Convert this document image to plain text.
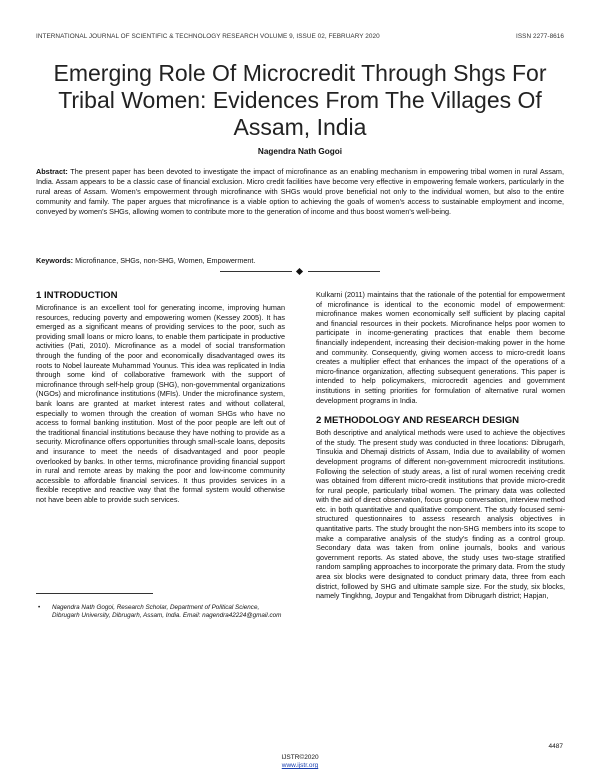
INTERNATIONAL JOURNAL OF SCIENTIFIC & TECHNOLOGY RESEARCH VOLUME 9, ISSUE 02, FEBRUARY 2020	ISSN 2277-8616
Emerging Role Of Microcredit Through Shgs For Tribal Women: Evidences From The Villages Of Assam, India
Nagendra Nath Gogoi
Abstract: The present paper has been devoted to investigate the impact of microfinance as an enabling mechanism in empowering tribal women in rural Assam, India. Assam appears to be a classic case of financial exclusion. Micro credit facilities have become very effective in empowering female workers, particularly in the rural areas of Assam. Women's empowerment through microfinance with SHGs would prove beneficial not only to the individual women, but also to the entire community and family. The paper argues that microfinance is a viable option to achieving the goals of women's access to sustainable employment and income, conveyed by women's SHGs, allowing women to contribute more to the generation of income and thus boost women's well-being.
Keywords: Microfinance, SHGs, non-SHG, Women, Empowerment.
1 INTRODUCTION

Microfinance is an excellent tool for generating income, improving human resources, reducing poverty and empowering women (Kessey 2005). It has emerged as a significant means of providing services to the poor, such as providing small loans or micro loans, to enable them participate in productive activities (Pati, 2010). Microfinance as a model of social transformation through the funding of the poor and economically disadvantaged owes its roots to Nobel laureate Muhammad Younus. This idea was replicated in India through some kind of collaborative framework with the support of microfinance through self-help group (SHG), non-governmental organizations (NGOs) and microfinance institutions (MFIs). Under the microfinance system, bank loans are granted at market interest rates and without collateral, especially to women through the creation of woman SHGs who have no access to formal banking institution. Most of the poor people are left out of the traditional financial institutions because they have nothing to provide as a security. Microfinance offers opportunities through small-scale loans, deposits and insurance to meet the needs of disadvantaged and poor people overlooked by banks. In other terms, microfinance providing financial support in rural and remote areas by making the poor and low-income community accessible to affordable financial services. It thus provides services in a flexible receptive and reactive way that the formal system would otherwise not have been able to provide such services.

Kulkarni (2011) maintains that the rationale of the potential for empowerment of microfinance is identical to the economic model of empowerment: microfinance makes women economically self sufficient by placing capital and financial resources in their pockets. Microfinance helps poor women to participate in income-generating practices that enable them become financially independent, increasing their decision-making power in the home and community. Consequently, giving women access to micro-credit loans creates a multiplier effect that enhances the impact of the operations of a micro-finance organization, affecting subsequent generations. This paper is intended to help policymakers, microcredit agencies and government institutions in setting priorities for formulation of alternative rural women development programs in India.

2 METHODOLOGY AND RESEARCH DESIGN

Both descriptive and analytical methods were used to achieve the objectives of the study. The present study was conducted in three locations: Dibrugarh, Tinsukia and Dhemaji districts of Assam, India due to availability of women development programs of different non-government microcredit institutions. Following the selection of study areas, a list of rural women receiving credit was obtained from different micro-credit institutions that provide micro-credit for rural people, particularly tribal women. The primary data was collected with the aid of direct observation, focus group conversation, interview method etc. in both quantitative and qualitative component. The study focused semi-structured questionnaires to assess research analysis objectives in quantitative parts. The study brought the non-SHG members into its scope to make a comparative analysis of the study's finding as a control group. Secondary data was taken from online journals, books and various government reports. As stated above, the study uses two-stage stratified random sampling approaches to incorporate the primary data. From the study area six blocks were designated to conduct primary data, three from each district, followed by SHG and ultimate sample size. For the study, six blocks, namely Tingkhng, Joypur and Tengakhat from Dibrugarh district; Hapjan,

•	Nagendra Nath Gogoi, Research Scholar, Department of Political Science, Dibrugarh University, Dibrugarh, Assam, India. Email: nagendra42224@gmail.com
4487
IJSTR©2020
www.ijstr.org
